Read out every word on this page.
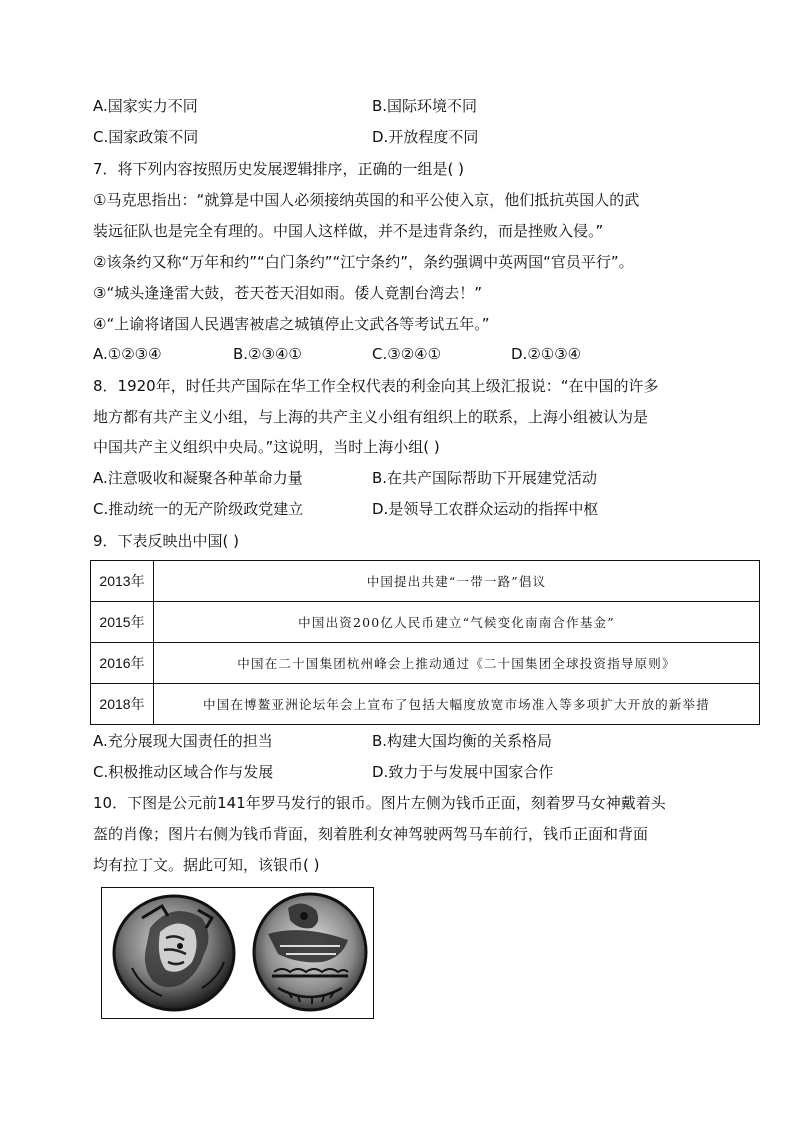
A.国家实力不同	B.国际环境不同
C.国家政策不同	D.开放程度不同
7．将下列内容按照历史发展逻辑排序，正确的一组是( )
①马克思指出：“就算是中国人必须接纳英国的和平公使入京，他们抵抗英国人的武
装远征队也是完全有理的。中国人这样做，并不是违背条约，而是挫败入侵。”
②该条约又称“万年和约”“白门条约”“江宁条约”，条约强调中英两国“官员平行”。
③“城头逢逢雷大鼓，苍天苍天泪如雨。倭人竟割台湾去！”
④“上谕将诸国人民遇害被虐之城镇停止文武各等考试五年。”
A.①②③④	B.②③④①	C.③②④①	D.②①③④
8．1920年，时任共产国际在华工作全权代表的利金向其上级汇报说：“在中国的许多
地方都有共产主义小组，与上海的共产主义小组有组织上的联系，上海小组被认为是
中国共产主义组织中央局。”这说明，当时上海小组( )
A.注意吸收和凝聚各种革命力量	B.在共产国际帮助下开展建党活动
C.推动统一的无产阶级政党建立	D.是领导工农群众运动的指挥中枢
9．下表反映出中国( )
2013年	中国提出共建“一带一路”倡议
2015年	中国出资200亿人民币建立“气候变化南南合作基金”
2016年	中国在二十国集团杭州峰会上推动通过《二十国集团全球投资指导原则》
2018年	中国在博鳌亚洲论坛年会上宣布了包括大幅度放宽市场准入等多项扩大开放的新举措
A.充分展现大国责任的担当	B.构建大国均衡的关系格局
C.积极推动区域合作与发展	D.致力于与发展中国家合作
10．下图是公元前141年罗马发行的银币。图片左侧为钱币正面，刻着罗马女神戴着头
盔的肖像；图片右侧为钱币背面，刻着胜利女神驾驶两驾马车前行，钱币正面和背面
均有拉丁文。据此可知，该银币( )
